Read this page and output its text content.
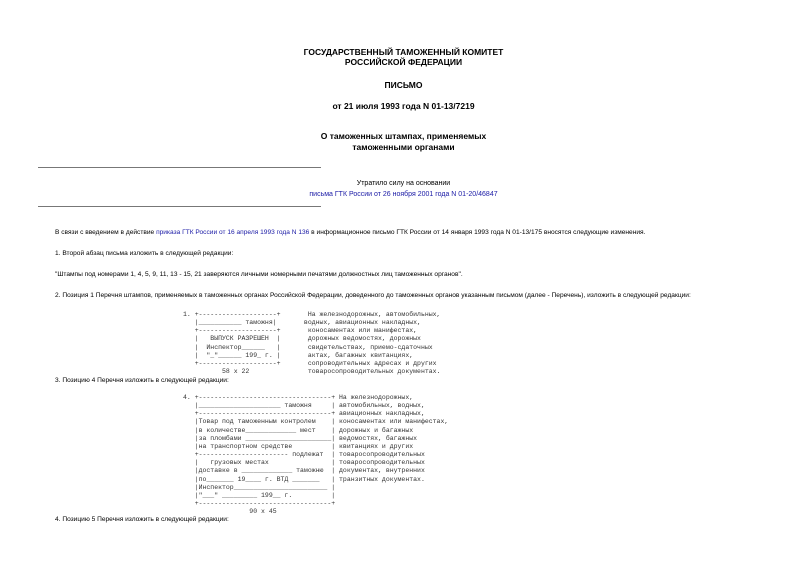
ГОСУДАРСТВЕННЫЙ ТАМОЖЕННЫЙ КОМИТЕТ
РОССИЙСКОЙ ФЕДЕРАЦИИ
ПИСЬМО
от 21 июля 1993 года N 01-13/7219
О таможенных штампах, применяемых
таможенными органами
Утратило силу на основании
письма ГТК России от 26 ноября 2001 года N 01-20/46847
В связи с введением в действие приказа ГТК России от 16 апреля 1993 года N 136 в информационное письмо ГТК России от 14 января 1993 года N 01-13/175 вносятся следующие изменения.
1. Второй абзац письма изложить в следующей редакции:
"Штампы под номерами 1, 4, 5, 9, 11, 13 - 15, 21 заверяются личными номерными печатями должностных лиц таможенных органов".
2. Позиция 1 Перечня штампов, применяемых в таможенных органах Российской Федерации, доведенного до таможенных органов указанным письмом (далее - Перечень), изложить в следующей редакции:
1. +--------------------+       На железнодорожных, автомобильных,
|___________ таможня|       водных, авиационных накладных,
+--------------------+       коносаментах или манифестах,
|   ВЫПУСК РАЗРЕШЕН  |       дорожных ведомостях, дорожных
|  Инспектор______   |       свидетельствах, приемо-сдаточных
|  "_"______ 199_ г. |       актах, багажных квитанциях,
+--------------------+       сопроводительных адресах и других
58 х 22               товаросопроводительных документах.

3. Позицию 4 Перечня изложить в следующей редакции:
4. +----------------------------------+ На железнодорожных,
|_____________________ таможня     | автомобильных, водных,
+----------------------------------+ авиационных накладных,
|Товар под таможенным контролем    | коносаментах или манифестах,
|в количестве_____________ мест    | дорожных и багажных
|за пломбами ______________________| ведомостях, багажных
|на транспортном средстве          | квитанциях и других
+----------------------- подлежат  | товаросопроводительных
|   грузовых местах                | товаросопроводительных
|доставке в _____________ таможню  | документах, внутренних
|по_______ 19____ г. ВТД _______   | транзитных документах.
|Инспектор________________________ |
|"___" _________ 199__ г.          |
+----------------------------------+
90 х 45

4. Позицию 5 Перечня изложить в следующей редакции:
